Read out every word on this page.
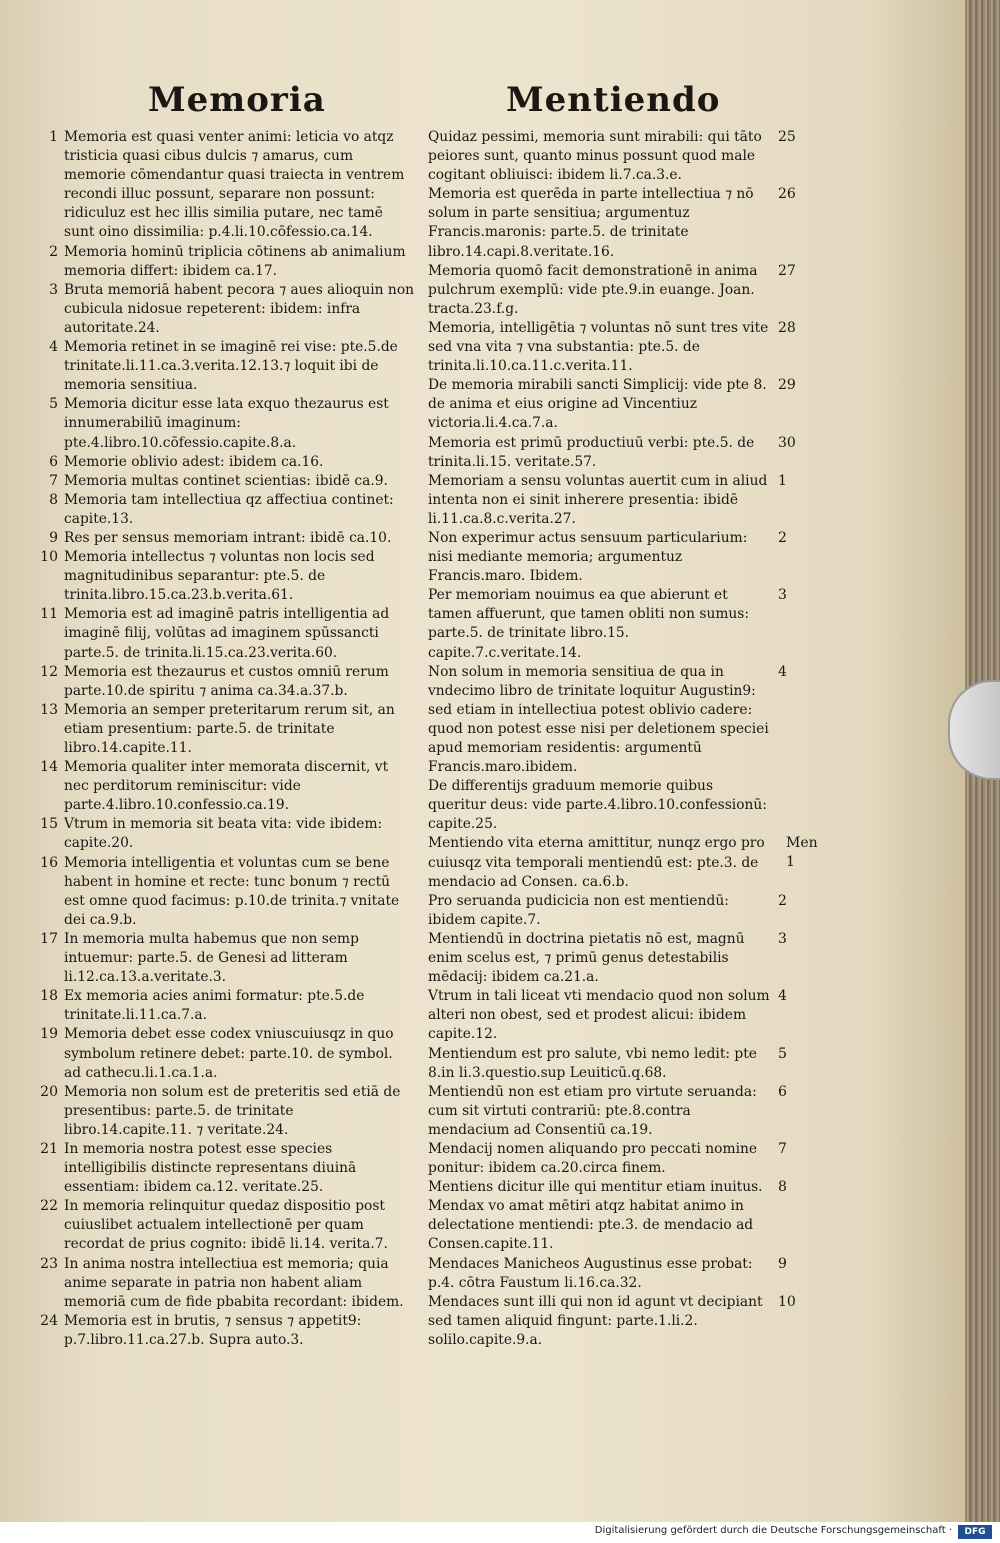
Memoria	Mentiendo
Memoria est quasi venter animi: leticia vo atqz tristicia quasi cibus dulcis ⁊ amarus, cum memorie cōmendantur quasi traiecta in ventrem recondi illuc possunt, separare non possunt: ridiculuz est hec illis similia putare, nec tamē sunt oino dissimilia: p.4.li.10.cōfessio.ca.14.
1
Memoria hominū triplicia cōtinens ab animalium memoria differt: ibidem ca.17.
2
Bruta memoriā habent pecora ⁊ aues alioquin non cubicula nidosue repeterent: ibidem: infra autoritate.24.
3
Memoria retinet in se imaginē rei vise: pte.5.de trinitate.li.11.ca.3.verita.12.13.⁊ loquit ibi de memoria sensitiua.
4
Memoria dicitur esse lata exquo thezaurus est innumerabiliū imaginum: pte.4.libro.10.cōfessio.capite.8.a.
5
Memorie oblivio adest: ibidem ca.16.
6
Memoria multas continet scientias: ibidē ca.9.
7
Memoria tam intellectiua qz affectiua continet: capite.13.
8
Res per sensus memoriam intrant: ibidē ca.10.
9
Memoria intellectus ⁊ voluntas non locis sed magnitudinibus separantur: pte.5. de trinita.libro.15.ca.23.b.verita.61.
10
Memoria est ad imaginē patris intelligentia ad imaginē filij, volūtas ad imaginem spūssancti parte.5. de trinita.li.15.ca.23.verita.60.
11
Memoria est thezaurus et custos omniū rerum parte.10.de spiritu ⁊ anima ca.34.a.37.b.
12
Memoria an semper preteritarum rerum sit, an etiam presentium: parte.5. de trinitate libro.14.capite.11.
13
Memoria qualiter inter memorata discernit, vt nec perditorum reminiscitur: vide parte.4.libro.10.confessio.ca.19.
14
Vtrum in memoria sit beata vita: vide ibidem: capite.20.
15
Memoria intelligentia et voluntas cum se bene habent in homine et recte: tunc bonum ⁊ rectū est omne quod facimus: p.10.de trinita.⁊ vnitate dei ca.9.b.
16
In memoria multa habemus que non semp intuemur: parte.5. de Genesi ad litteram li.12.ca.13.a.veritate.3.
17
Ex memoria acies animi formatur: pte.5.de trinitate.li.11.ca.7.a.
18
Memoria debet esse codex vniuscuiusqz in quo symbolum retinere debet: parte.10. de symbol. ad cathecu.li.1.ca.1.a.
19
Memoria non solum est de preteritis sed etiā de presentibus: parte.5. de trinitate libro.14.capite.11. ⁊ veritate.24.
20
In memoria nostra potest esse species intelligibilis distincte representans diuinā essentiam: ibidem ca.12. veritate.25.
21
In memoria relinquitur quedaz dispositio post cuiuslibet actualem intellectionē per quam recordat de prius cognito: ibidē li.14. verita.7.
22
In anima nostra intellectiua est memoria; quia anime separate in patria non habent aliam memoriā cum de fide pbabita recordant: ibidem.
23
Memoria est in brutis, ⁊ sensus ⁊ appetit9: p.7.libro.11.ca.27.b. Supra auto.3.
24
Quidaz pessimi, memoria sunt mirabili: qui tāto peiores sunt, quanto minus possunt quod male cogitant obliuisci: ibidem li.7.ca.3.e.
25
Memoria est querēda in parte intellectiua ⁊ nō solum in parte sensitiua; argumentuz Francis.maronis: parte.5. de trinitate libro.14.capi.8.veritate.16.
26
Memoria quomō facit demonstrationē in anima pulchrum exemplū: vide pte.9.in euange. Joan. tracta.23.f.g.
27
Memoria, intelligētia ⁊ voluntas nō sunt tres vite sed vna vita ⁊ vna substantia: pte.5. de trinita.li.10.ca.11.c.verita.11.
28
De memoria mirabili sancti Simplicij: vide pte 8. de anima et eius origine ad Vincentiuz victoria.li.4.ca.7.a.
29
Memoria est primū productiuū verbi: pte.5. de trinita.li.15. veritate.57.
30
Memoriam a sensu voluntas auertit cum in aliud intenta non ei sinit inherere presentia: ibidē li.11.ca.8.c.verita.27.
1
Non experimur actus sensuum particularium: nisi mediante memoria; argumentuz Francis.maro. Ibidem.
2
Per memoriam nouimus ea que abierunt et tamen affuerunt, que tamen obliti non sumus: parte.5. de trinitate libro.15. capite.7.c.veritate.14.
3
Non solum in memoria sensitiua de qua in vndecimo libro de trinitate loquitur Augustin9: sed etiam in intellectiua potest oblivio cadere: quod non potest esse nisi per deletionem speciei apud memoriam residentis: argumentū Francis.maro.ibidem.
4
De differentijs graduum memorie quibus queritur deus: vide parte.4.libro.10.confessionū: capite.25.
Mentiendo vita eterna amittitur, nunqz ergo pro cuiusqz vita temporali mentiendū est: pte.3. de mendacio ad Consen. ca.6.b.
1
Men
Pro seruanda pudicicia non est mentiendū: ibidem capite.7.
2
Mentiendū in doctrina pietatis nō est, magnū enim scelus est, ⁊ primū genus detestabilis mēdacij: ibidem ca.21.a.
3
Vtrum in tali liceat vti mendacio quod non solum alteri non obest, sed et prodest alicui: ibidem capite.12.
4
Mentiendum est pro salute, vbi nemo ledit: pte 8.in li.3.questio.sup Leuiticū.q.68.
5
Mentiendū non est etiam pro virtute seruanda: cum sit virtuti contrariū: pte.8.contra mendacium ad Consentiū ca.19.
6
Mendacij nomen aliquando pro peccati nomine ponitur: ibidem ca.20.circa finem.
7
Mentiens dicitur ille qui mentitur etiam inuitus. Mendax vo amat mētiri atqz habitat animo in delectatione mentiendi: pte.3. de mendacio ad Consen.capite.11.
8
Mendaces Manicheos Augustinus esse probat: p.4. cōtra Faustum li.16.ca.32.
9
Mendaces sunt illi qui non id agunt vt decipiant sed tamen aliquid fingunt: parte.1.li.2. solilo.capite.9.a.
10
Digitalisierung gefördert durch die Deutsche Forschungsgemeinschaft ·	DFG
